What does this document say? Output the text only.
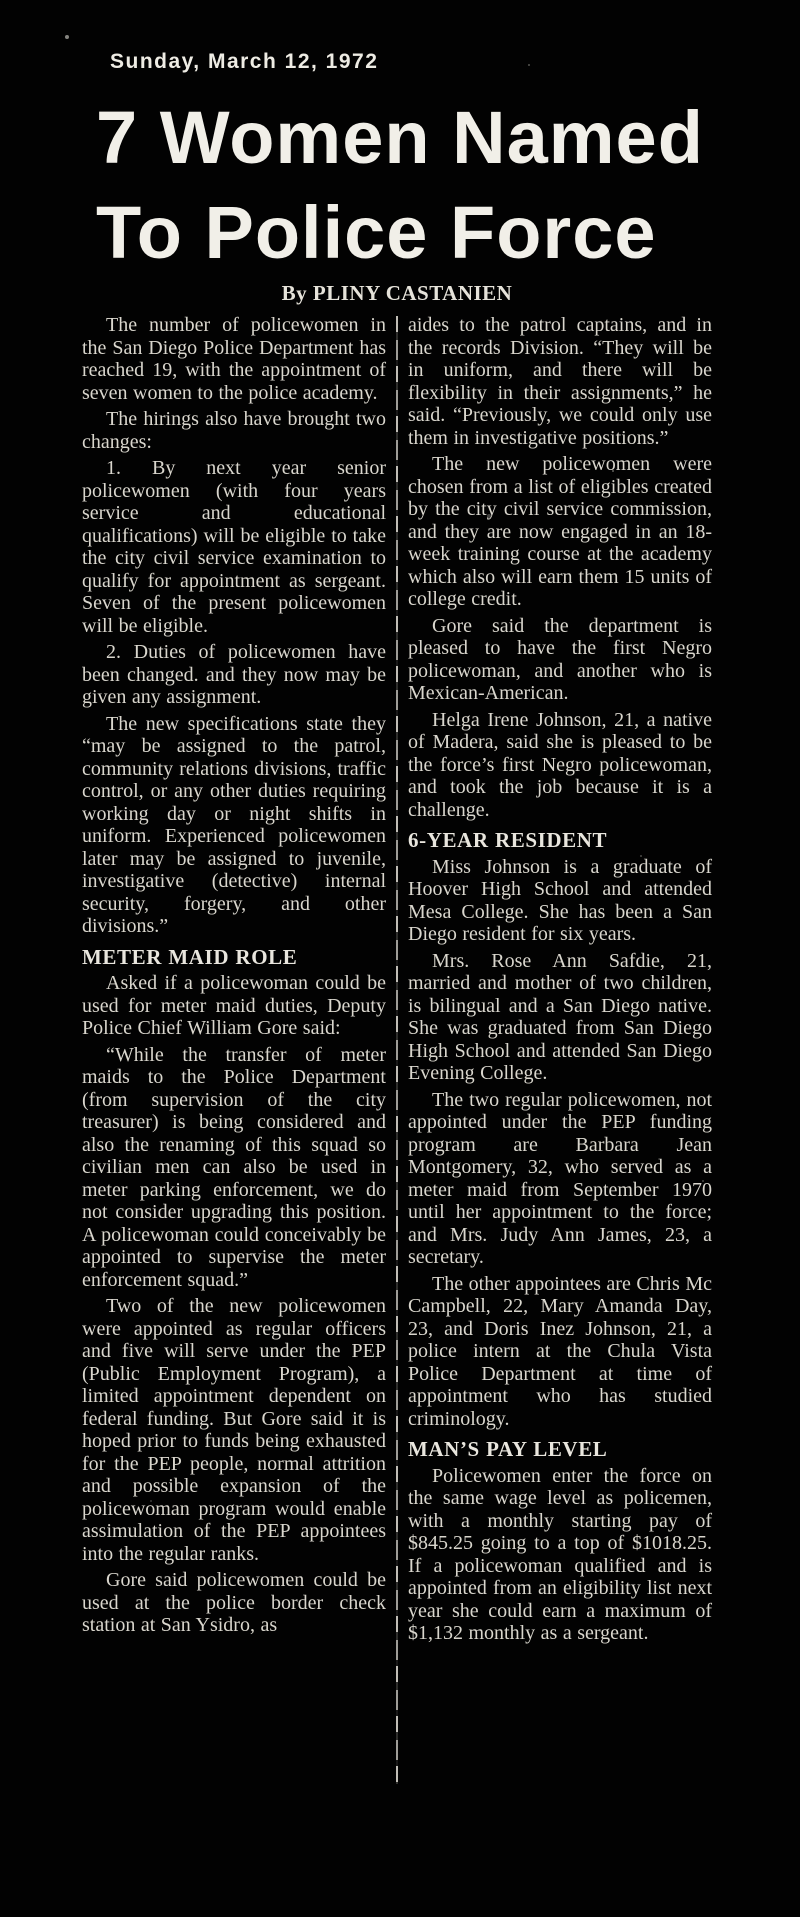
Sunday, March 12, 1972
7 Women Named
To Police Force
By PLINY CASTANIEN

The number of policewomen in the San Diego Police Department has reached 19, with the appointment of seven women to the police academy.

The hirings also have brought two changes:

1. By next year senior policewomen (with four years service and educational qualifications) will be eligible to take the city civil service examination to qualify for appointment as sergeant. Seven of the present policewomen will be eligible.

2. Duties of policewomen have been changed. and they now may be given any assignment.

The new specifications state they “may be assigned to the patrol, community relations divisions, traffic control, or any other duties requiring working day or night shifts in uniform. Experienced policewomen later may be assigned to juvenile, investigative (detective) internal security, forgery, and other divisions.”

METER MAID ROLE

Asked if a policewoman could be used for meter maid duties, Deputy Police Chief William Gore said:

“While the transfer of meter maids to the Police Department (from supervision of the city treasurer) is being considered and also the renaming of this squad so civilian men can also be used in meter parking enforcement, we do not consider upgrading this position. A policewoman could conceivably be appointed to supervise the meter enforcement squad.”

Two of the new policewomen were appointed as regular officers and five will serve under the PEP (Public Employment Program), a limited appointment dependent on federal funding. But Gore said it is hoped prior to funds being exhausted for the PEP people, normal attrition and possible expansion of the policewoman program would enable assimulation of the PEP appointees into the regular ranks.

Gore said policewomen could be used at the police border check station at San Ysidro, as

aides to the patrol captains, and in the records Division. “They will be in uniform, and there will be flexibility in their assignments,” he said. “Previously, we could only use them in investigative positions.”

The new policewomen were chosen from a list of eligibles created by the city civil service commission, and they are now engaged in an 18-week training course at the academy which also will earn them 15 units of college credit.

Gore said the department is pleased to have the first Negro policewoman, and another who is Mexican-American.

Helga Irene Johnson, 21, a native of Madera, said she is pleased to be the force’s first Negro policewoman, and took the job because it is a challenge.

6-YEAR RESIDENT

Miss Johnson is a graduate of Hoover High School and attended Mesa College. She has been a San Diego resident for six years.

Mrs. Rose Ann Safdie, 21, married and mother of two children, is bilingual and a San Diego native. She was graduated from San Diego High School and attended San Diego Evening College.

The two regular policewomen, not appointed under the PEP funding program are Barbara Jean Montgomery, 32, who served as a meter maid from September 1970 until her appointment to the force; and Mrs. Judy Ann James, 23, a secretary.

The other appointees are Chris Mc Campbell, 22, Mary Amanda Day, 23, and Doris Inez Johnson, 21, a police intern at the Chula Vista Police Department at time of appointment who has studied criminology.

MAN’S PAY LEVEL

Policewomen enter the force on the same wage level as policemen, with a monthly starting pay of $845.25 going to a top of $1018.25. If a policewoman qualified and is appointed from an eligibility list next year she could earn a maximum of $1,132 monthly as a sergeant.
